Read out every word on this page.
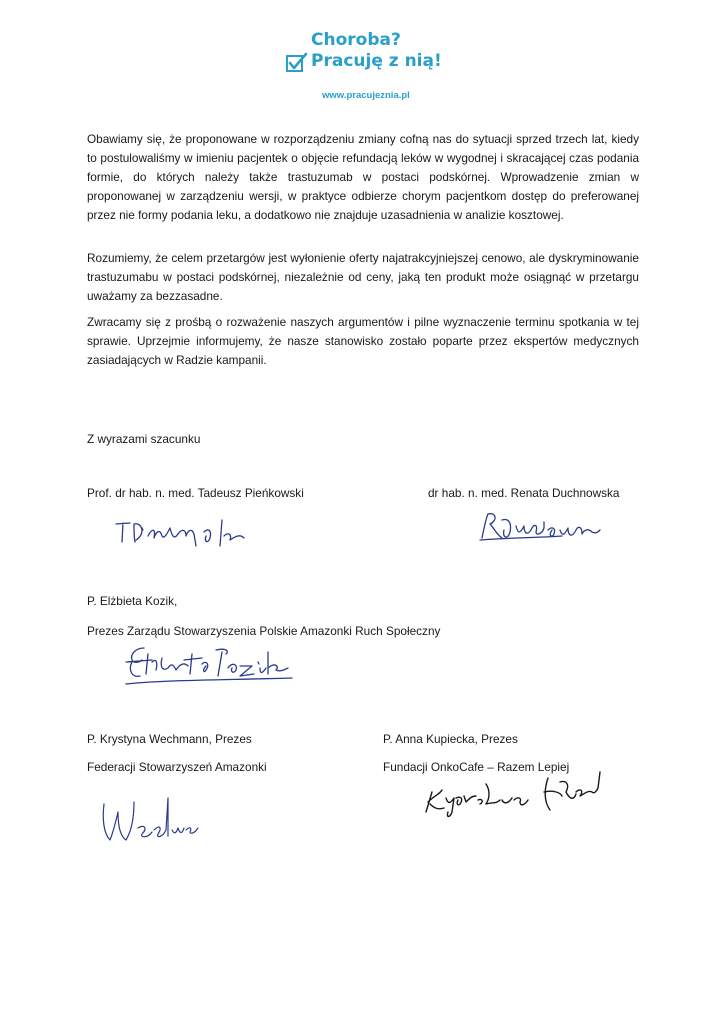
Choroba?
Pracuję z nią!
www.pracujeznia.pl

Obawiamy się, że proponowane w rozporządzeniu zmiany cofną nas do sytuacji sprzed trzech lat, kiedy to postulowaliśmy w imieniu pacjentek o objęcie refundacją leków w wygodnej i skracającej czas podania formie, do których należy także trastuzumab w postaci podskórnej. Wprowadzenie zmian w proponowanej w zarządzeniu wersji, w praktyce odbierze chorym pacjentkom dostęp do preferowanej przez nie formy podania leku, a dodatkowo nie znajduje uzasadnienia w analizie kosztowej.

Rozumiemy, że celem przetargów jest wyłonienie oferty najatrakcyjniejszej cenowo, ale dyskryminowanie trastuzumabu w postaci podskórnej, niezależnie od ceny, jaką ten produkt może osiągnąć w przetargu uważamy za bezzasadne.

Zwracamy się z prośbą o rozważenie naszych argumentów i pilne wyznaczenie terminu spotkania w tej sprawie. Uprzejmie informujemy, że nasze stanowisko zostało poparte przez ekspertów medycznych zasiadających w Radzie kampanii.

Z wyrazami szacunku

Prof. dr hab. n. med. Tadeusz Pieńkowski	dr hab. n. med. Renata Duchnowska

P. Elżbieta Kozik,

Prezes Zarządu Stowarzyszenia Polskie Amazonki Ruch Społeczny

P. Krystyna Wechmann, Prezes	P. Anna Kupiecka, Prezes

Federacji Stowarzyszeń Amazonki	Fundacji OnkoCafe – Razem Lepiej
